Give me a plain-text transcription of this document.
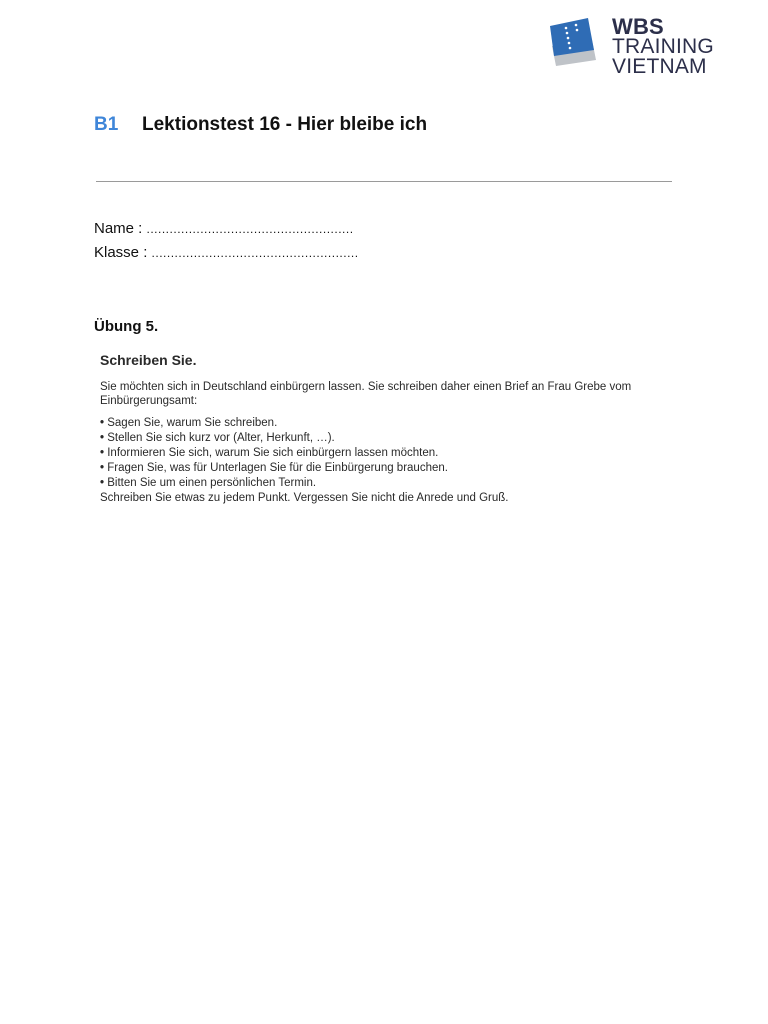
WBS
TRAINING
VIETNAM
B1	Lektionstest 16 - Hier bleibe ich
Name : ......................................................
Klasse : ......................................................
Übung 5.

Schreiben Sie.

Sie möchten sich in Deutschland einbürgern lassen. Sie schreiben daher einen Brief an Frau Grebe vom Einbürgerungsamt:

• Sagen Sie, warum Sie schreiben.
• Stellen Sie sich kurz vor (Alter, Herkunft, …).
• Informieren Sie sich, warum Sie sich einbürgern lassen möchten.
• Fragen Sie, was für Unterlagen Sie für die Einbürgerung brauchen.
• Bitten Sie um einen persönlichen Termin.

Schreiben Sie etwas zu jedem Punkt. Vergessen Sie nicht die Anrede und Gruß.
